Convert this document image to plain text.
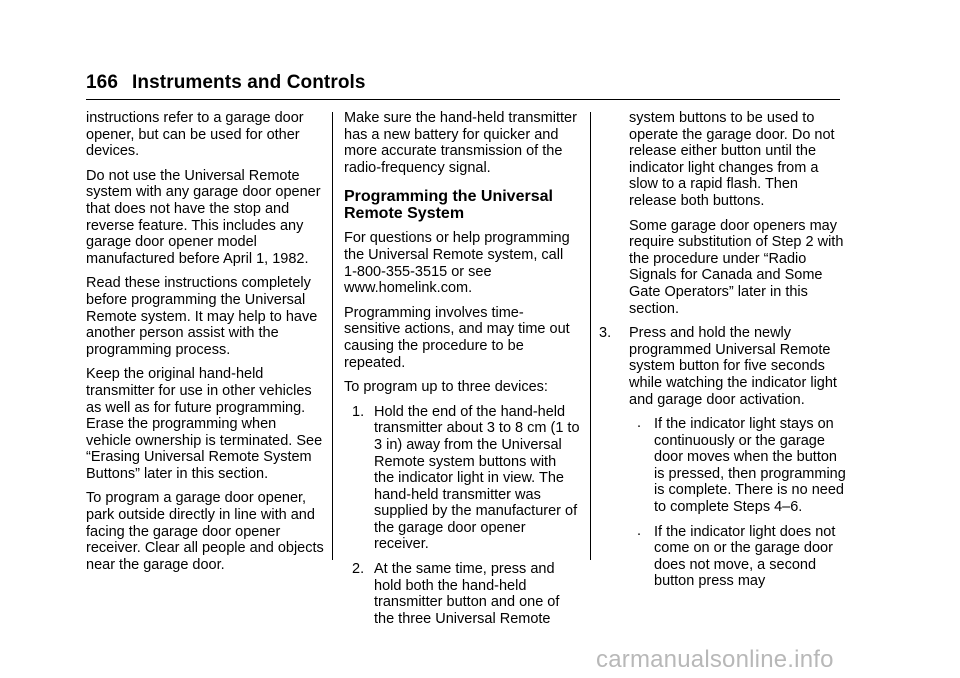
166 Instruments and Controls

instructions refer to a garage door opener, but can be used for other devices.

Do not use the Universal Remote system with any garage door opener that does not have the stop and reverse feature. This includes any garage door opener model manufactured before April 1, 1982.

Read these instructions completely before programming the Universal Remote system. It may help to have another person assist with the programming process.

Keep the original hand-held transmitter for use in other vehicles as well as for future programming. Erase the programming when vehicle ownership is terminated. See “Erasing Universal Remote System Buttons” later in this section.

To program a garage door opener, park outside directly in line with and facing the garage door opener receiver. Clear all people and objects near the garage door.

Make sure the hand-held transmitter has a new battery for quicker and more accurate transmission of the radio-frequency signal.

Programming the Universal Remote System

For questions or help programming the Universal Remote system, call 1-800-355-3515 or see www.homelink.com.

Programming involves time-sensitive actions, and may time out causing the procedure to be repeated.

To program up to three devices:

1. Hold the end of the hand-held transmitter about 3 to 8 cm (1 to 3 in) away from the Universal Remote system buttons with the indicator light in view. The hand-held transmitter was supplied by the manufacturer of the garage door opener receiver.
2. At the same time, press and hold both the hand-held transmitter button and one of the three Universal Remote

system buttons to be used to operate the garage door. Do not release either button until the indicator light changes from a slow to a rapid flash. Then release both buttons.

Some garage door openers may require substitution of Step 2 with the procedure under “Radio Signals for Canada and Some Gate Operators” later in this section.

3.	Press and hold the newly programmed Universal Remote system button for five seconds while watching the indicator light and garage door activation.
. If the indicator light stays on continuously or the garage door moves when the button is pressed, then programming is complete. There is no need to complete Steps 4–6.
. If the indicator light does not come on or the garage door does not move, a second button press may
carmanualsonline.info
